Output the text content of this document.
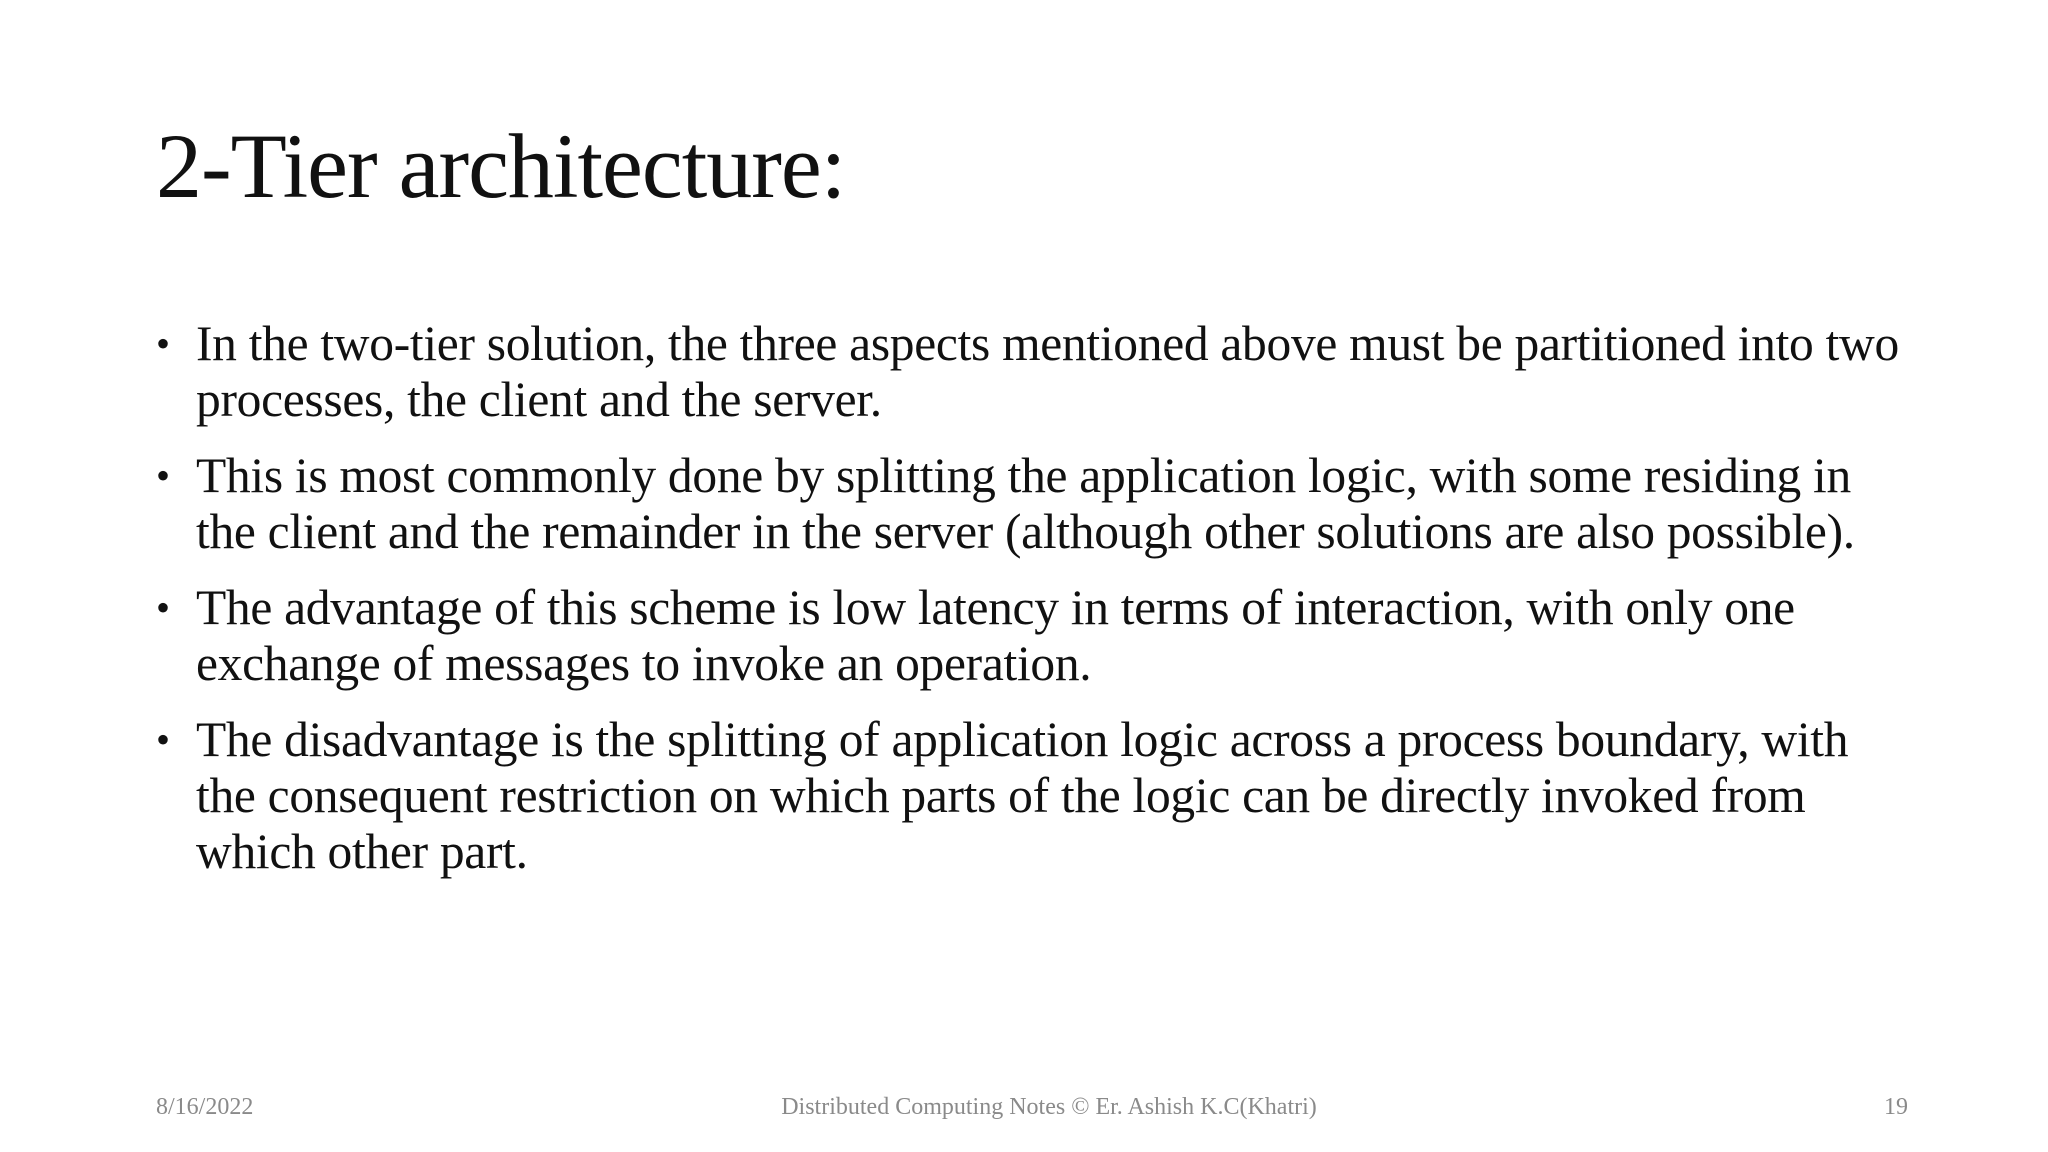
2-Tier architecture:
• In the two-tier solution, the three aspects mentioned above must be partitioned into two processes, the client and the server.
• This is most commonly done by splitting the application logic, with some residing in the client and the remainder in the server (although other solutions are also possible).
• The advantage of this scheme is low latency in terms of interaction, with only one exchange of messages to invoke an operation.
• The disadvantage is the splitting of application logic across a process boundary, with the consequent restriction on which parts of the logic can be directly invoked from which other part.
8/16/2022	Distributed Computing Notes © Er. Ashish K.C(Khatri)	19
